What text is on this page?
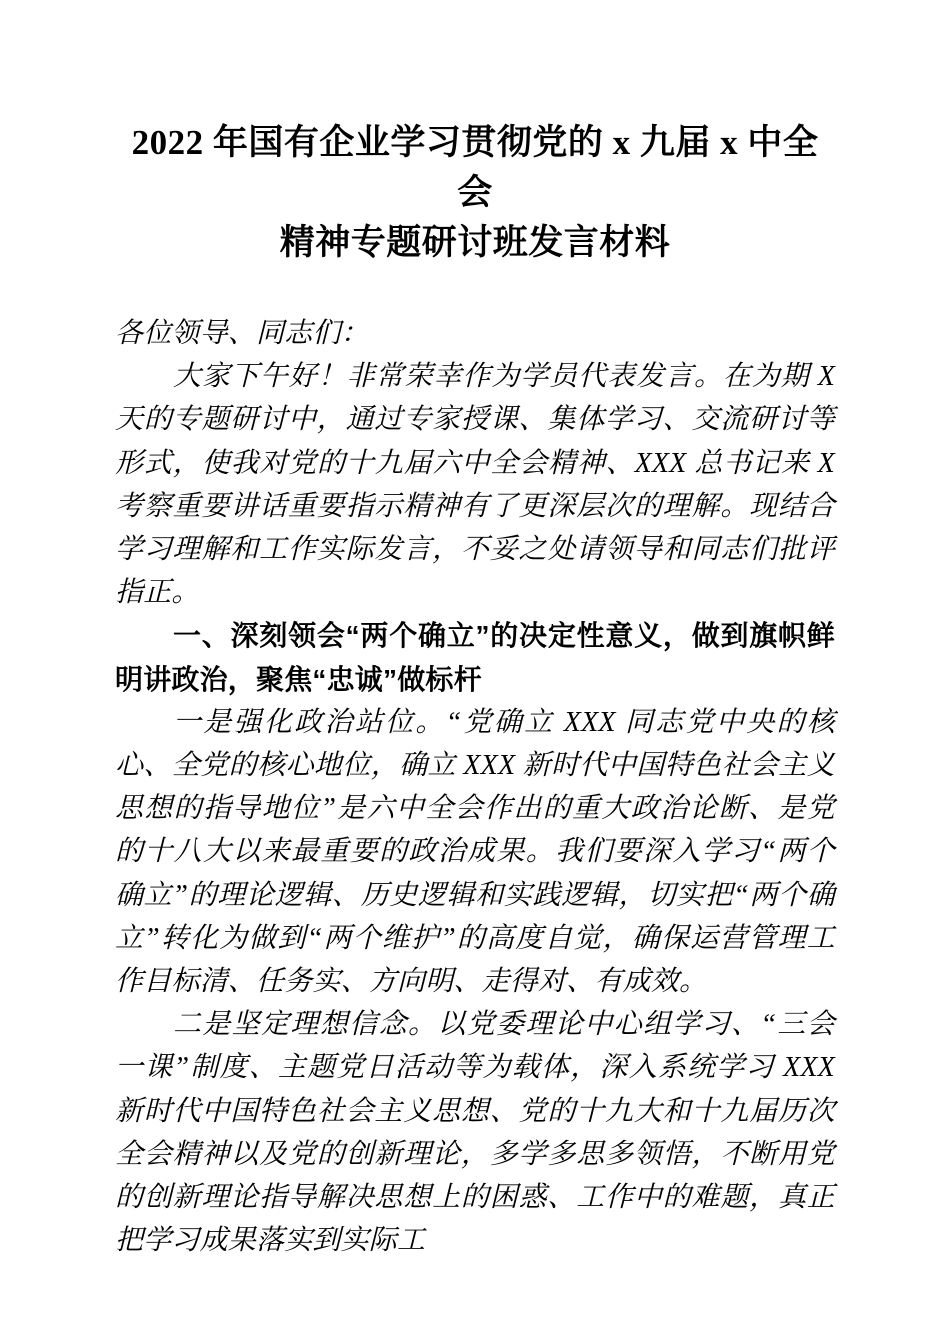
2022 年国有企业学习贯彻党的 x 九届 x 中全会
精神专题研讨班发言材料

各位领导、同志们：

大家下午好！非常荣幸作为学员代表发言。在为期 X 天的专题研讨中，通过专家授课、集体学习、交流研讨等形式，使我对党的十九届六中全会精神、XXX 总书记来 X 考察重要讲话重要指示精神有了更深层次的理解。现结合学习理解和工作实际发言，不妥之处请领导和同志们批评指正。

一、深刻领会“两个确立”的决定性意义，做到旗帜鲜明讲政治，聚焦“忠诚”做标杆

一是强化政治站位。“党确立 XXX 同志党中央的核心、全党的核心地位，确立 XXX 新时代中国特色社会主义思想的指导地位”是六中全会作出的重大政治论断、是党的十八大以来最重要的政治成果。我们要深入学习“两个确立”的理论逻辑、历史逻辑和实践逻辑，切实把“两个确立”转化为做到“两个维护”的高度自觉，确保运营管理工作目标清、任务实、方向明、走得对、有成效。

二是坚定理想信念。以党委理论中心组学习、“三会一课”制度、主题党日活动等为载体，深入系统学习 XXX 新时代中国特色社会主义思想、党的十九大和十九届历次全会精神以及党的创新理论，多学多思多领悟，不断用党的创新理论指导解决思想上的困惑、工作中的难题，真正把学习成果落实到实际工
